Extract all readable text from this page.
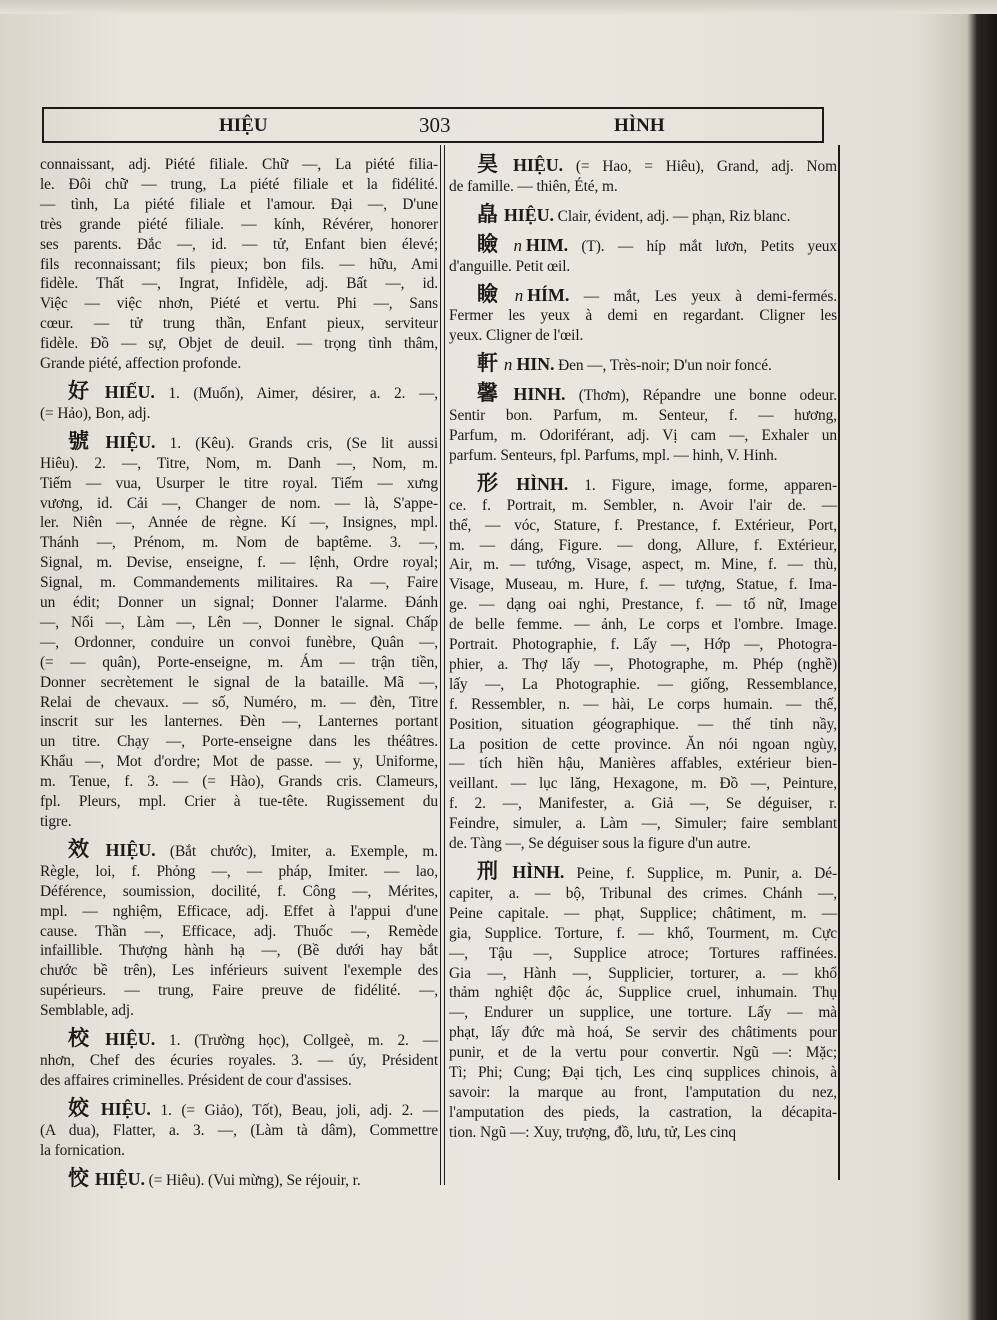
HIỆU	303	HÌNH
connaissant, adj. Piété filiale. Chữ —, La piété filia-
le. Đôi chữ — trung, La piété filiale et la fidélité.
— tình, La piété filiale et l'amour. Đại —, D'une
très grande piété filiale. — kính, Révérer, honorer
ses parents. Đắc —, id. — tử, Enfant bien élevé;
fils reconnaissant; fils pieux; bon fils. — hữu, Ami
fidèle. Thất —, Ingrat, Infidèle, adj. Bất —, id.
Việc — việc nhơn, Piété et vertu. Phi —, Sans
cœur. — tử trung thần, Enfant pieux, serviteur
fidèle. Đồ — sự, Objet de deuil. — trọng tình thâm,
Grande piété, affection profonde.
好 HIẾU. 1. (Muốn), Aimer, désirer, a. 2. —,
(= Hảo), Bon, adj.
號 HIỆU. 1. (Kêu). Grands cris, (Se lit aussi
Hiêu). 2. —, Titre, Nom, m. Danh —, Nom, m.
Tiếm — vua, Usurper le titre royal. Tiếm — xưng
vương, id. Cải —, Changer de nom. — là, S'appe-
ler. Niên —, Année de règne. Kí —, Insignes, mpl.
Thánh —, Prénom, m. Nom de baptême. 3. —,
Signal, m. Devise, enseigne, f. — lệnh, Ordre royal;
Signal, m. Commandements militaires. Ra —, Faire
un édit; Donner un signal; Donner l'alarme. Đánh
—, Nổi —, Làm —, Lên —, Donner le signal. Chấp
—, Ordonner, conduire un convoi funèbre, Quân —,
(= — quân), Porte-enseigne, m. Ám — trận tiền,
Donner secrètement le signal de la bataille. Mã —,
Relai de chevaux. — số, Numéro, m. — đèn, Titre
inscrit sur les lanternes. Đèn —, Lanternes portant
un titre. Chạy —, Porte-enseigne dans les théâtres.
Khẩu —, Mot d'ordre; Mot de passe. — y, Uniforme,
m. Tenue, f. 3. — (= Hào), Grands cris. Clameurs,
fpl. Pleurs, mpl. Crier à tue-tête. Rugissement du
tigre.
效 HIỆU. (Bắt chước), Imiter, a. Exemple, m.
Règle, loi, f. Phỏng —, — pháp, Imiter. — lao,
Déférence, soumission, docilité, f. Công —, Mérites,
mpl. — nghiệm, Efficace, adj. Effet à l'appui d'une
cause. Thần —, Efficace, adj. Thuốc —, Remède
infaillible. Thượng hành hạ —, (Bề dưới hay bắt
chước bề trên), Les inférieurs suivent l'exemple des
supérieurs. — trung, Faire preuve de fidélité. —,
Semblable, adj.
校 HIỆU. 1. (Trường học), Collgeè, m. 2. —
nhơn, Chef des écuries royales. 3. — úy, Président
des affaires criminelles. Président de cour d'assises.
姣 HIỆU. 1. (= Giảo), Tốt), Beau, joli, adj. 2. —
(A dua), Flatter, a. 3. —, (Làm tà dâm), Commettre
la fornication.
恔 HIỆU. (= Hiêu). (Vui mừng), Se réjouir, r.
昊 HIỆU. (= Hao, = Hiêu), Grand, adj. Nom
de famille. — thiên, Été, m.
皛 HIỆU. Clair, évident, adj. — phạn, Riz blanc.
瞼 n HIM. (T). — híp mắt lươn, Petits yeux
d'anguille. Petit œil.
瞼 n HÍM. — mắt, Les yeux à demi-fermés.
Fermer les yeux à demi en regardant. Cligner les
yeux. Cligner de l'œil.
軒 n HIN. Đen —, Très-noir; D'un noir foncé.
馨 HINH. (Thơm), Répandre une bonne odeur.
Sentir bon. Parfum, m. Senteur, f. — hương,
Parfum, m. Odoriférant, adj. Vị cam —, Exhaler un
parfum. Senteurs, fpl. Parfums, mpl. — hinh, V. Hinh.
形 HÌNH. 1. Figure, image, forme, apparen-
ce. f. Portrait, m. Sembler, n. Avoir l'air de. —
thể, — vóc, Stature, f. Prestance, f. Extérieur, Port,
m. — dáng, Figure. — dong, Allure, f. Extérieur,
Air, m. — tướng, Visage, aspect, m. Mine, f. — thù,
Visage, Museau, m. Hure, f. — tượng, Statue, f. Ima-
ge. — dạng oai nghi, Prestance, f. — tố nữ, Image
de belle femme. — ảnh, Le corps et l'ombre. Image.
Portrait. Photographie, f. Lấy —, Hớp —, Photogra-
phier, a. Thợ lấy —, Photographe, m. Phép (nghề)
lấy —, La Photographie. — giống, Ressemblance,
f. Ressembler, n. — hài, Le corps humain. — thế,
Position, situation géographique. — thế tỉnh nầy,
La position de cette province. Ăn nói ngoan ngùy,
— tích hiền hậu, Manières affables, extérieur bien-
veillant. — lục lăng, Hexagone, m. Đồ —, Peinture,
f. 2. —, Manifester, a. Giả —, Se déguiser, r.
Feindre, simuler, a. Làm —, Simuler; faire semblant
de. Tàng —, Se déguiser sous la figure d'un autre.
刑 HÌNH. Peine, f. Supplice, m. Punir, a. Dé-
capiter, a. — bộ, Tribunal des crimes. Chánh —,
Peine capitale. — phạt, Supplice; châtiment, m. —
gia, Supplice. Torture, f. — khổ, Tourment, m. Cực
—, Tậu —, Supplice atroce; Tortures raffinées.
Gia —, Hành —, Supplicier, torturer, a. — khổ
thảm nghiệt độc ác, Supplice cruel, inhumain. Thụ
—, Endurer un supplice, une torture. Lấy — mà
phạt, lấy đức mà hoá, Se servir des châtiments pour
punir, et de la vertu pour convertir. Ngũ —: Mặc;
Tì; Phi; Cung; Đại tịch, Les cinq supplices chinois, à
savoir: la marque au front, l'amputation du nez,
l'amputation des pieds, la castration, la décapita-
tion. Ngũ —: Xuy, trượng, đồ, lưu, tử, Les cinq
